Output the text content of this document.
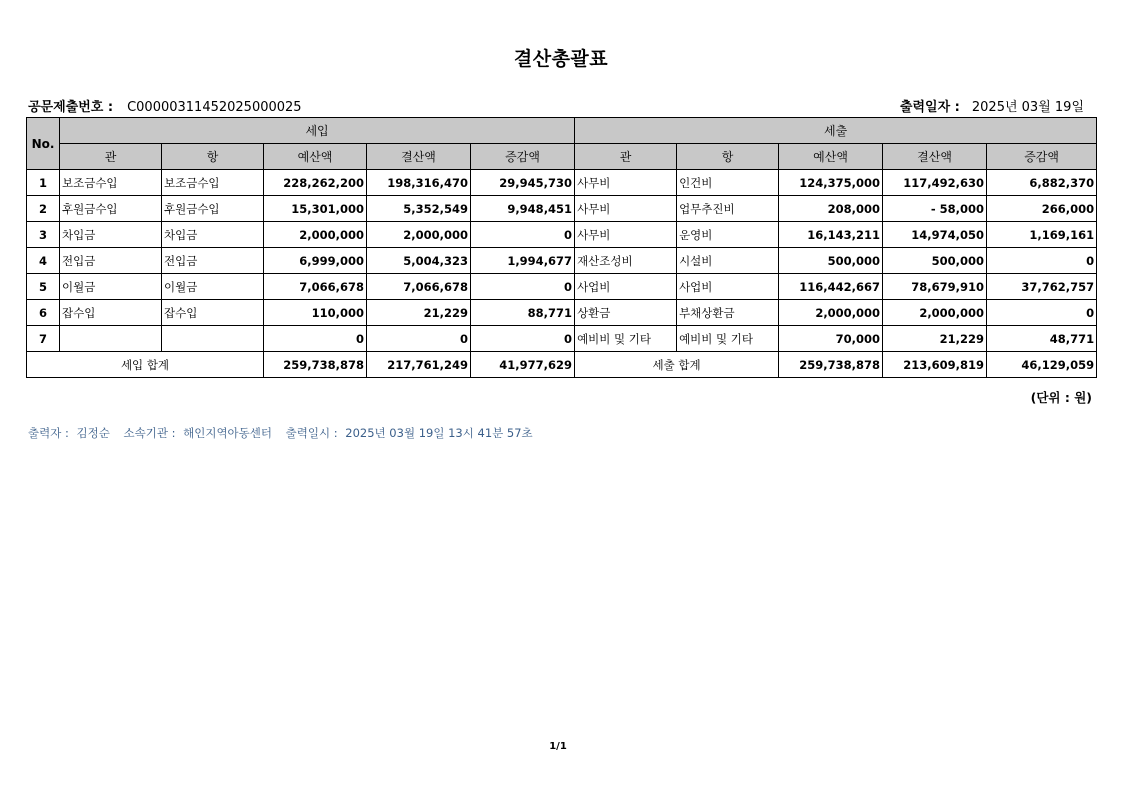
결산총괄표
공문제출번호 : C0000031145202500002​5	출력일자 : 2025년 03월 19일
No.	세입					세출				
	관	항	예산액	결산액	증감액	관	항	예산액	결산액	증감액
1	보조금수입	보조금수입	228,262,200	198,316,470	29,945,730	사무비	인건비	124,375,000	117,492,630	6,882,370
2	후원금수입	후원금수입	15,301,000	5,352,549	9,948,451	사무비	업무추진비	208,000	- 58,000	266,000
3	차입금	차입금	2,000,000	2,000,000	0	사무비	운영비	16,143,211	14,974,050	1,169,161
4	전입금	전입금	6,999,000	5,004,323	1,994,677	재산조성비	시설비	500,000	500,000	0
5	이월금	이월금	7,066,678	7,066,678	0	사업비	사업비	116,442,667	78,679,910	37,762,757
6	잡수입	잡수입	110,000	21,229	88,771	상환금	부채상환금	2,000,000	2,000,000	0
7			0	0	0	예비비 및 기타	예비비 및 기타	70,000	21,229	48,771
세입 합계			259,738,878	217,761,249	41,977,629	세출 합계		259,738,878	213,609,819	46,129,059
(단위 : 원)
출력자 : 김정순 소속기관 : 해인지역아동센터 출력일시 : 2025년 03월 19일 13시 41분 57초
1/1
